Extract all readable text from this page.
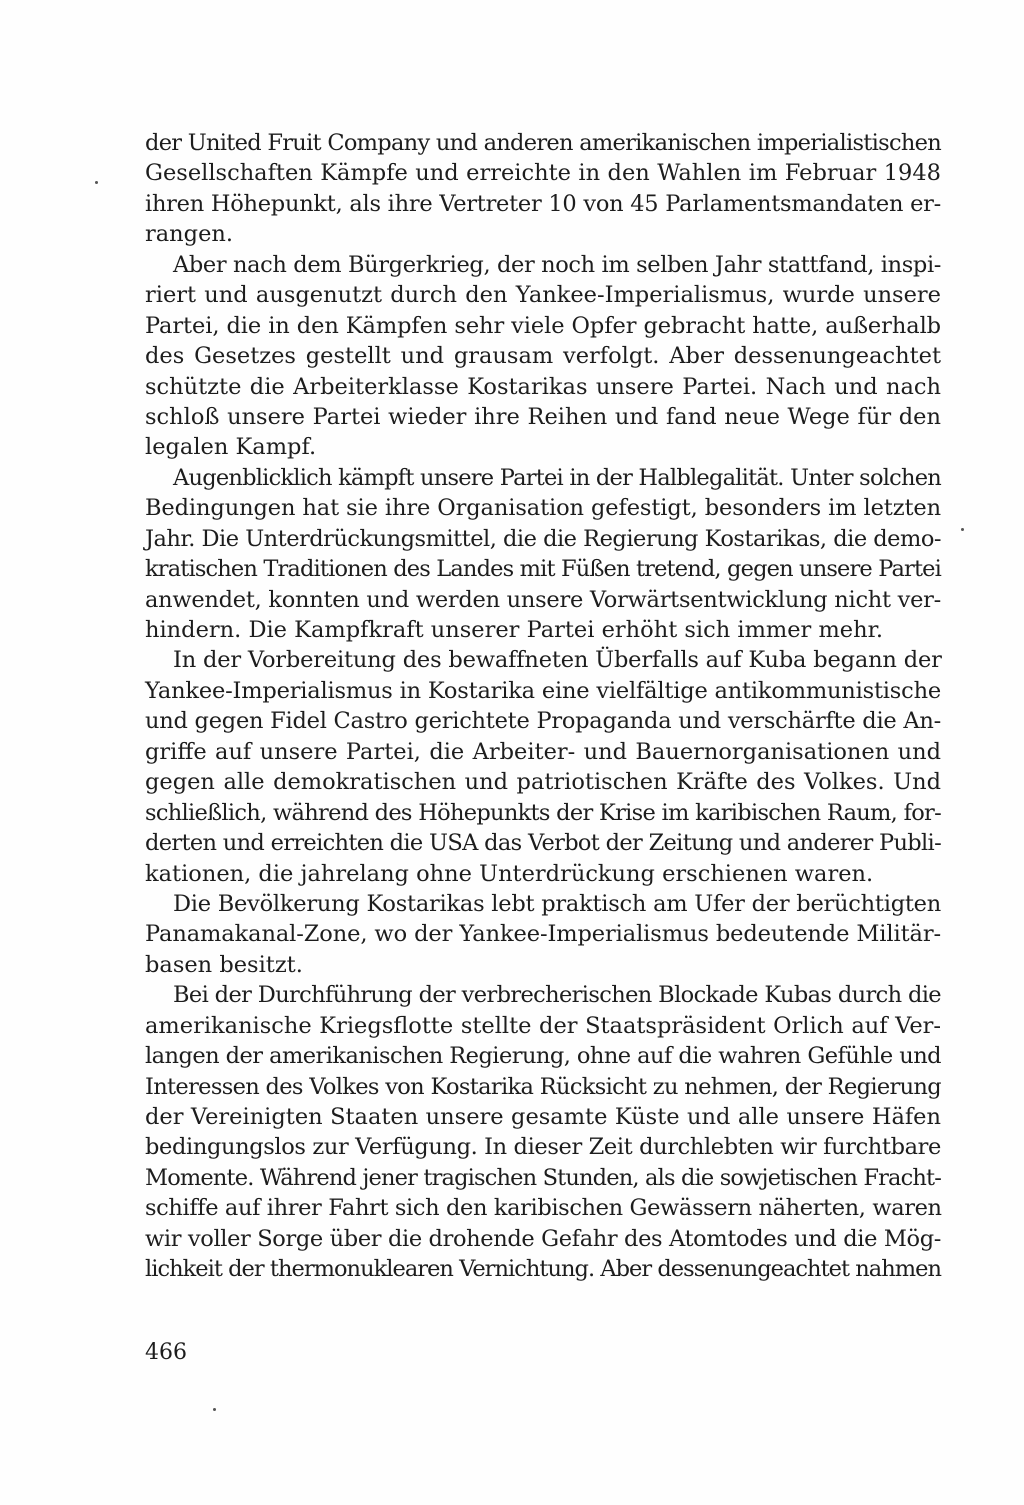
der United Fruit Company und anderen amerikanischen imperialistischen
Gesellschaften Kämpfe und erreichte in den Wahlen im Februar 1948
ihren Höhepunkt, als ihre Vertreter 10 von 45 Parlamentsmandaten er-
rangen.
Aber nach dem Bürgerkrieg, der noch im selben Jahr stattfand, inspi-
riert und ausgenutzt durch den Yankee-Imperialismus, wurde unsere
Partei, die in den Kämpfen sehr viele Opfer gebracht hatte, außerhalb
des Gesetzes gestellt und grausam verfolgt. Aber dessenungeachtet
schützte die Arbeiterklasse Kostarikas unsere Partei. Nach und nach
schloß unsere Partei wieder ihre Reihen und fand neue Wege für den
legalen Kampf.
Augenblicklich kämpft unsere Partei in der Halblegalität. Unter solchen
Bedingungen hat sie ihre Organisation gefestigt, besonders im letzten
Jahr. Die Unterdrückungsmittel, die die Regierung Kostarikas, die demo-
kratischen Traditionen des Landes mit Füßen tretend, gegen unsere Partei
anwendet, konnten und werden unsere Vorwärtsentwicklung nicht ver-
hindern. Die Kampfkraft unserer Partei erhöht sich immer mehr.
In der Vorbereitung des bewaffneten Überfalls auf Kuba begann der
Yankee-Imperialismus in Kostarika eine vielfältige antikommunistische
und gegen Fidel Castro gerichtete Propaganda und verschärfte die An-
griffe auf unsere Partei, die Arbeiter- und Bauernorganisationen und
gegen alle demokratischen und patriotischen Kräfte des Volkes. Und
schließlich, während des Höhepunkts der Krise im karibischen Raum, for-
derten und erreichten die USA das Verbot der Zeitung und anderer Publi-
kationen, die jahrelang ohne Unterdrückung erschienen waren.
Die Bevölkerung Kostarikas lebt praktisch am Ufer der berüchtigten
Panamakanal-Zone, wo der Yankee-Imperialismus bedeutende Militär-
basen besitzt.
Bei der Durchführung der verbrecherischen Blockade Kubas durch die
amerikanische Kriegsflotte stellte der Staatspräsident Orlich auf Ver-
langen der amerikanischen Regierung, ohne auf die wahren Gefühle und
Interessen des Volkes von Kostarika Rücksicht zu nehmen, der Regierung
der Vereinigten Staaten unsere gesamte Küste und alle unsere Häfen
bedingungslos zur Verfügung. In dieser Zeit durchlebten wir furchtbare
Momente. Während jener tragischen Stunden, als die sowjetischen Fracht-
schiffe auf ihrer Fahrt sich den karibischen Gewässern näherten, waren
wir voller Sorge über die drohende Gefahr des Atomtodes und die Mög-
lichkeit der thermonuklearen Vernichtung. Aber dessenungeachtet nahmen
466
